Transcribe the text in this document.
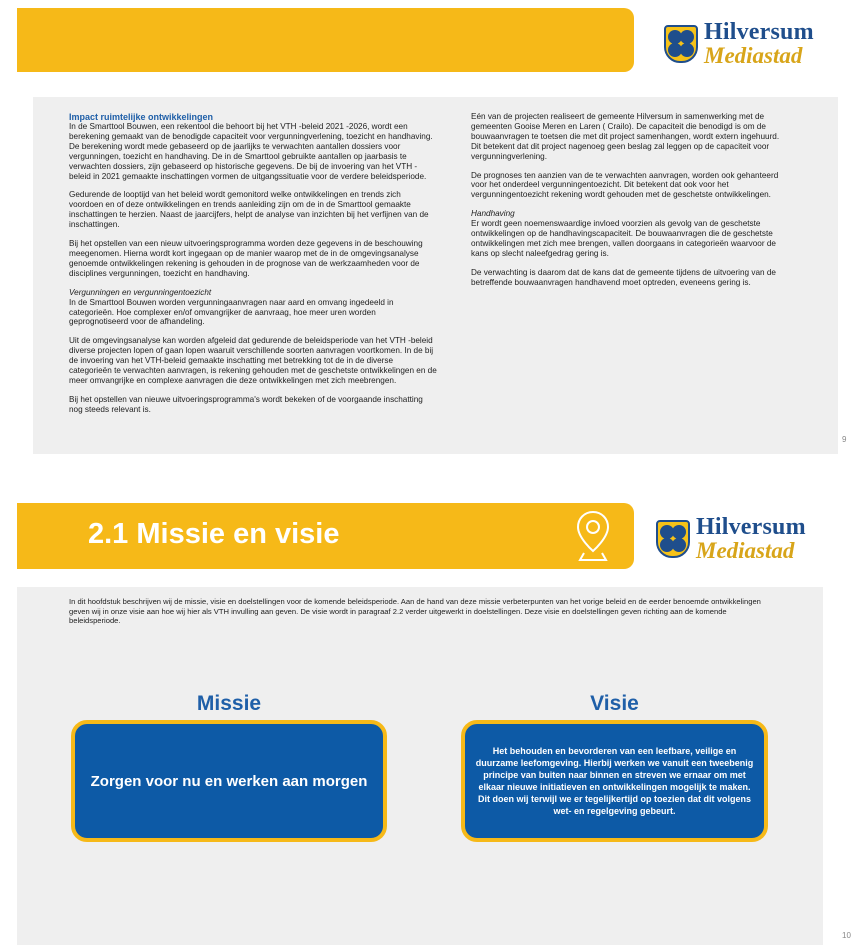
Hilversum
Mediastad

Impact ruimtelijke ontwikkelingen

In de Smarttool Bouwen, een rekentool die behoort bij het VTH -beleid 2021 -2026, wordt een berekening gemaakt van de benodigde capaciteit voor vergunningverlening, toezicht en handhaving. De berekening wordt mede gebaseerd op de jaarlijks te verwachten aantallen dossiers voor vergunningen, toezicht en handhaving. De in de Smarttool gebruikte aantallen op jaarbasis te verwachten dossiers, zijn gebaseerd op historische gegevens. De bij de invoering van het VTH -beleid in 2021 gemaakte inschattingen vormen de uitgangssituatie voor de verdere beleidsperiode.

Gedurende de looptijd van het beleid wordt gemonitord welke ontwikkelingen en trends zich voordoen en of deze ontwikkelingen en trends aanleiding zijn om de in de Smarttool gemaakte inschattingen te herzien. Naast de jaarcijfers, helpt de analyse van inzichten bij het verfijnen van de inschattingen.

Bij het opstellen van een nieuw uitvoeringsprogramma worden deze gegevens in de beschouwing meegenomen. Hierna wordt kort ingegaan op de manier waarop met de in de omgevingsanalyse genoemde ontwikkelingen rekening is gehouden in de prognose van de werkzaamheden voor de disciplines vergunningen, toezicht en handhaving.

Vergunningen en vergunningentoezicht

In de Smarttool Bouwen worden vergunningaanvragen naar aard en omvang ingedeeld in categorieën. Hoe complexer en/of omvangrijker de aanvraag, hoe meer uren worden geprognotiseerd voor de afhandeling.

Uit de omgevingsanalyse kan worden afgeleid dat gedurende de beleidsperiode van het VTH -beleid diverse projecten lopen of gaan lopen waaruit verschillende soorten aanvragen voortkomen. In de bij de invoering van het VTH-beleid gemaakte inschatting met betrekking tot de in de diverse categorieën te verwachten aanvragen, is rekening gehouden met de geschetste ontwikkelingen en de meer omvangrijke en complexe aanvragen die deze ontwikkelingen met zich meebrengen.

Bij het opstellen van nieuwe uitvoeringsprogramma's wordt bekeken of de voorgaande inschatting nog steeds relevant is.

Eén van de projecten realiseert de gemeente Hilversum in samenwerking met de gemeenten Gooise Meren en Laren ( Crailo). De capaciteit die benodigd is om de bouwaanvragen te toetsen die met dit project samenhangen, wordt extern ingehuurd. Dit betekent dat dit project nagenoeg geen beslag zal leggen op de capaciteit voor vergunningverlening.

De prognoses ten aanzien van de te verwachten aanvragen, worden ook gehanteerd voor het onderdeel vergunningentoezicht. Dit betekent dat ook voor het vergunningentoezicht rekening wordt gehouden met de geschetste ontwikkelingen.

Handhaving

Er wordt geen noemenswaardige invloed voorzien als gevolg van de geschetste ontwikkelingen op de handhavingscapaciteit. De bouwaanvragen die de geschetste ontwikkelingen met zich mee brengen, vallen doorgaans in categorieën waarvoor de kans op slecht naleefgedrag gering is.

De verwachting is daarom dat de kans dat de gemeente tijdens de uitvoering van de betreffende bouwaanvragen handhavend moet optreden, eveneens gering is.

9
2.1 Missie en visie	Hilversum
Mediastad
In dit hoofdstuk beschrijven wij de missie, visie en doelstellingen voor de komende beleidsperiode. Aan de hand van deze missie verbeterpunten van het vorige beleid en de eerder benoemde ontwikkelingen geven wij in onze visie aan hoe wij hier als VTH invulling aan geven. De visie wordt in paragraaf 2.2 verder uitgewerkt in doelstellingen. Deze visie en doelstellingen geven richting aan de komende beleidsperiode.
Missie
Zorgen voor nu en werken aan morgen
Visie
Het behouden en bevorderen van een leefbare, veilige en duurzame leefomgeving. Hierbij werken we vanuit een tweebenig principe van buiten naar binnen en streven we ernaar om met elkaar nieuwe initiatieven en ontwikkelingen mogelijk te maken. Dit doen wij terwijl we er tegelijkertijd op toezien dat dit volgens wet- en regelgeving gebeurt.
10
